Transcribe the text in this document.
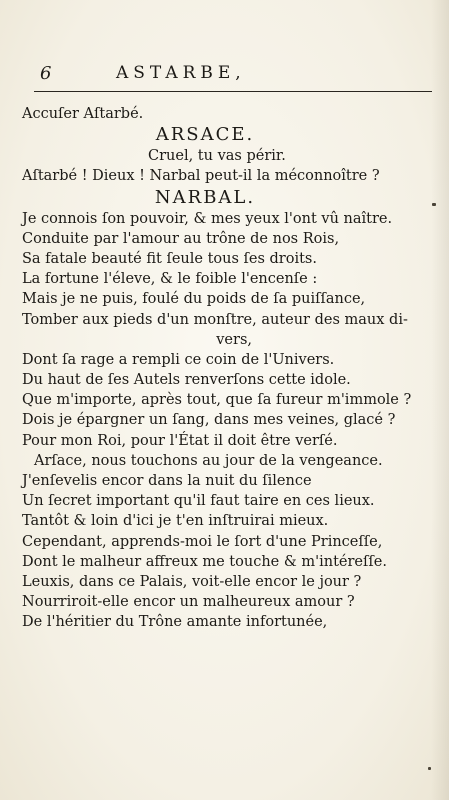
6	ASTARBE,
Accuſer Aſtarbé.
ARSACE.
Cruel, tu vas périr.
Aſtarbé ! Dieux ! Narbal peut-il la méconnoître ?
NARBAL.
Je connois ſon pouvoir, & mes yeux l'ont vû naître.
Conduite par l'amour au trône de nos Rois,
Sa fatale beauté fit ſeule tous ſes droits.
La fortune l'éleve, & le foible l'encenſe :
Mais je ne puis, foulé du poids de ſa puiſſance,
Tomber aux pieds d'un monſtre, auteur des maux di-
vers,
Dont ſa rage a rempli ce coin de l'Univers.
Du haut de ſes Autels renverſons cette idole.
Que m'importe, après tout, que ſa fureur m'immole ?
Dois je épargner un ſang, dans mes veines, glacé ?
Pour mon Roi, pour l'État il doit être verſé.
Arſace, nous touchons au jour de la vengeance.
J'enſevelis encor dans la nuit du ſilence
Un ſecret important qu'il faut taire en ces lieux.
Tantôt & loin d'ici je t'en inſtruirai mieux.
Cependant, apprends-moi le ſort d'une Princeſſe,
Dont le malheur affreux me touche & m'intéreſſe.
Leuxis, dans ce Palais, voit-elle encor le jour ?
Nourriroit-elle encor un malheureux amour ?
De l'héritier du Trône amante infortunée,
